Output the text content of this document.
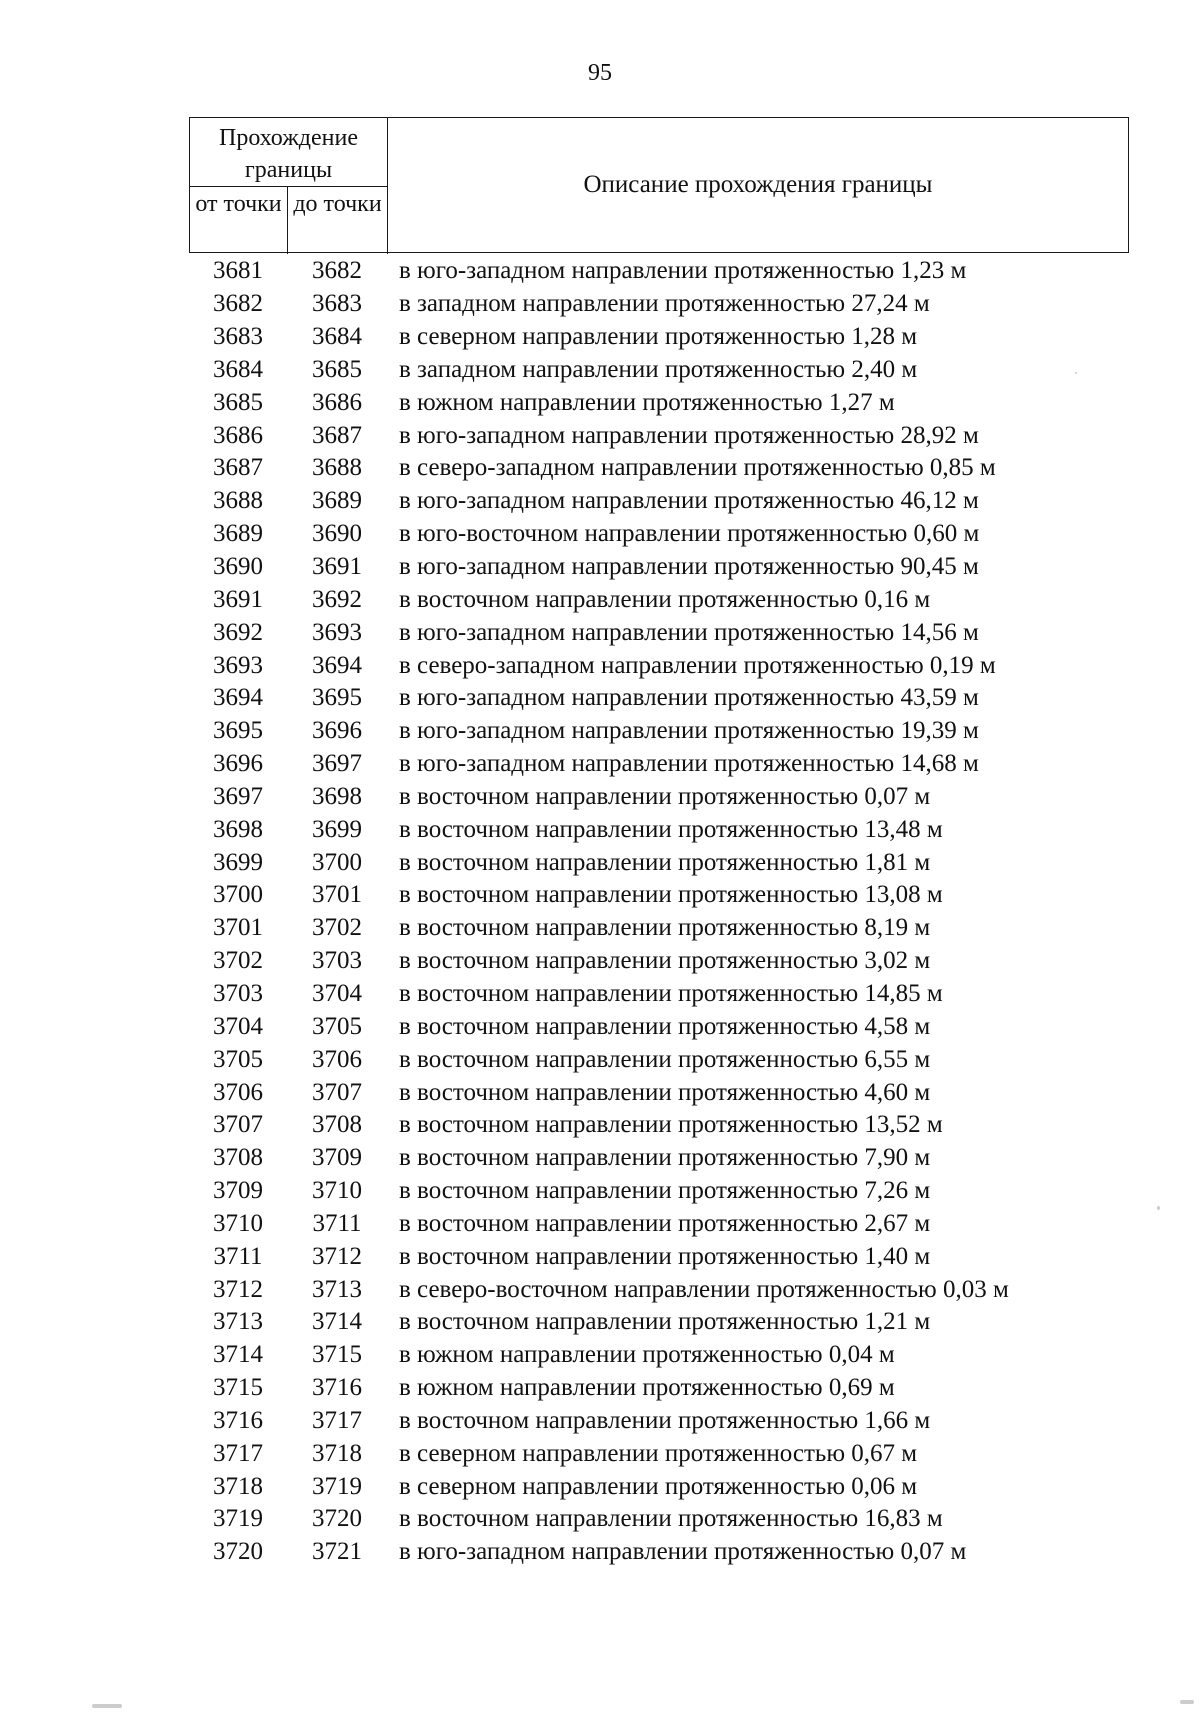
95
Прохождение границы
от точки до точки
Описание прохождения границы
3681	3682	в юго-западном направлении протяженностью 1,23 м
3682	3683	в западном направлении протяженностью 27,24 м
3683	3684	в северном направлении протяженностью 1,28 м
3684	3685	в западном направлении протяженностью 2,40 м
3685	3686	в южном направлении протяженностью 1,27 м
3686	3687	в юго-западном направлении протяженностью 28,92 м
3687	3688	в северо-западном направлении протяженностью 0,85 м
3688	3689	в юго-западном направлении протяженностью 46,12 м
3689	3690	в юго-восточном направлении протяженностью 0,60 м
3690	3691	в юго-западном направлении протяженностью 90,45 м
3691	3692	в восточном направлении протяженностью 0,16 м
3692	3693	в юго-западном направлении протяженностью 14,56 м
3693	3694	в северо-западном направлении протяженностью 0,19 м
3694	3695	в юго-западном направлении протяженностью 43,59 м
3695	3696	в юго-западном направлении протяженностью 19,39 м
3696	3697	в юго-западном направлении протяженностью 14,68 м
3697	3698	в восточном направлении протяженностью 0,07 м
3698	3699	в восточном направлении протяженностью 13,48 м
3699	3700	в восточном направлении протяженностью 1,81 м
3700	3701	в восточном направлении протяженностью 13,08 м
3701	3702	в восточном направлении протяженностью 8,19 м
3702	3703	в восточном направлении протяженностью 3,02 м
3703	3704	в восточном направлении протяженностью 14,85 м
3704	3705	в восточном направлении протяженностью 4,58 м
3705	3706	в восточном направлении протяженностью 6,55 м
3706	3707	в восточном направлении протяженностью 4,60 м
3707	3708	в восточном направлении протяженностью 13,52 м
3708	3709	в восточном направлении протяженностью 7,90 м
3709	3710	в восточном направлении протяженностью 7,26 м
3710	3711	в восточном направлении протяженностью 2,67 м
3711	3712	в восточном направлении протяженностью 1,40 м
3712	3713	в северо-восточном направлении протяженностью 0,03 м
3713	3714	в восточном направлении протяженностью 1,21 м
3714	3715	в южном направлении протяженностью 0,04 м
3715	3716	в южном направлении протяженностью 0,69 м
3716	3717	в восточном направлении протяженностью 1,66 м
3717	3718	в северном направлении протяженностью 0,67 м
3718	3719	в северном направлении протяженностью 0,06 м
3719	3720	в восточном направлении протяженностью 16,83 м
3720	3721	в юго-западном направлении протяженностью 0,07 м
